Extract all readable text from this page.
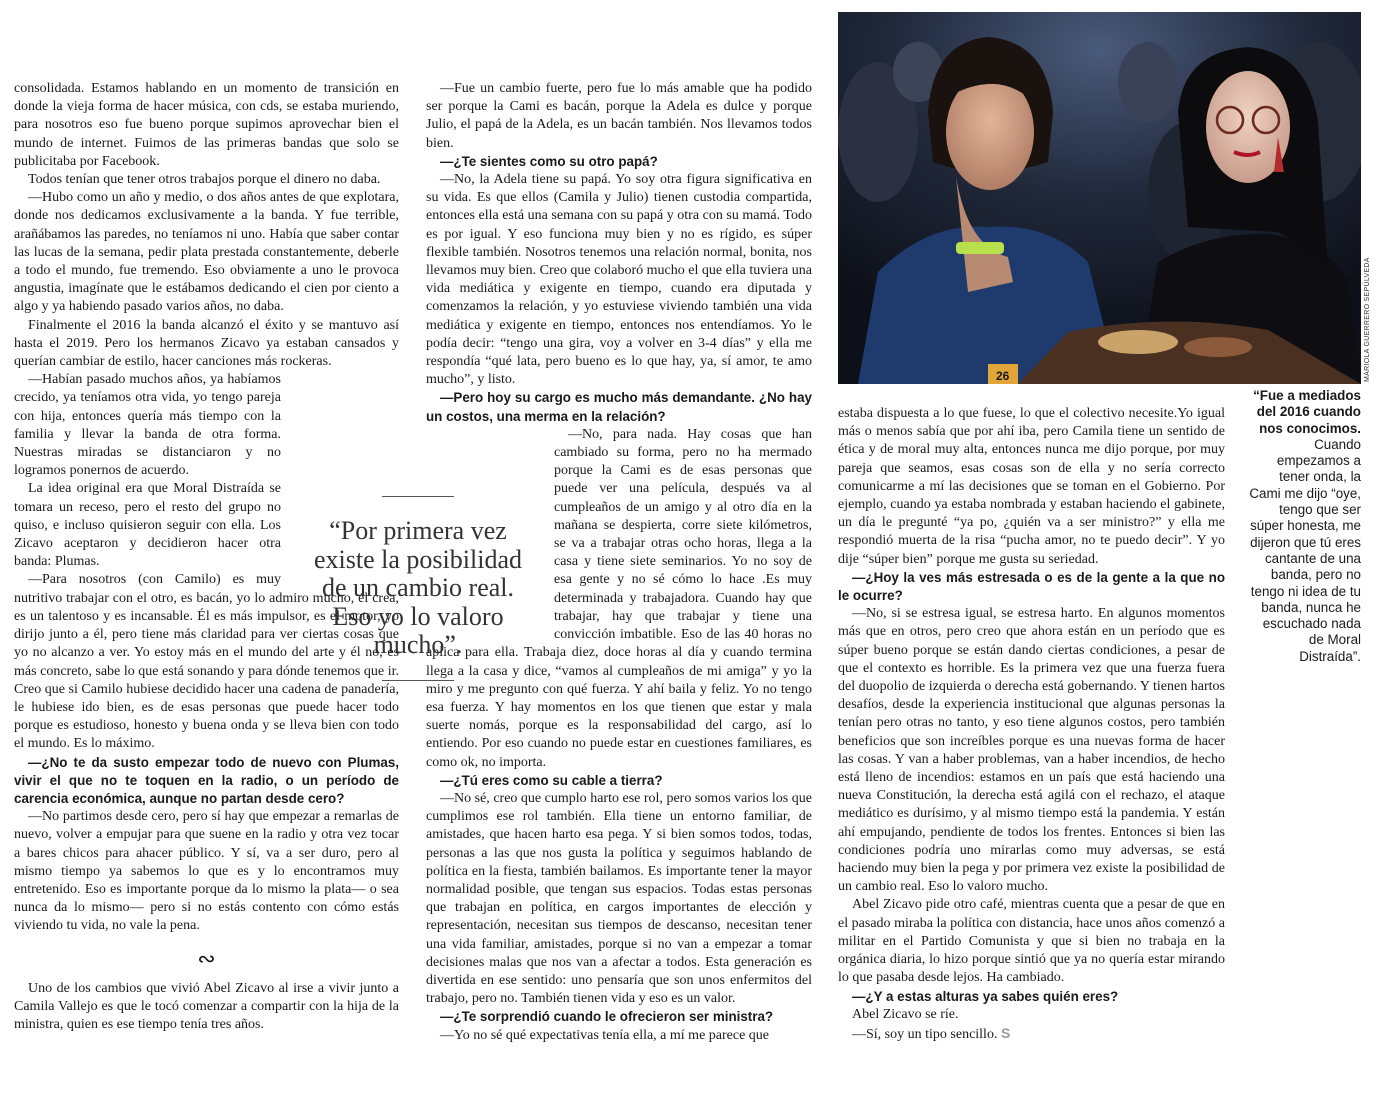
consolidada. Estamos hablando en un momento de transición en donde la vieja forma de hacer música, con cds, se estaba muriendo, para nosotros eso fue bueno porque supimos aprovechar bien el mundo de internet. Fuimos de las primeras bandas que solo se publicitaba por Facebook.

Todos tenían que tener otros trabajos porque el dinero no daba.

—Hubo como un año y medio, o dos años antes de que explotara, donde nos dedicamos exclusivamente a la banda. Y fue terrible, arañábamos las paredes, no teníamos ni uno. Había que saber contar las lucas de la semana, pedir plata prestada constantemente, deberle a todo el mundo, fue tremendo. Eso obviamente a uno le provoca angustia, imagínate que le estábamos dedicando el cien por ciento a algo y ya habiendo pasado varios años, no daba.

Finalmente el 2016 la banda alcanzó el éxito y se mantuvo así hasta el 2019. Pero los hermanos Zicavo ya estaban cansados y querían cambiar de estilo, hacer canciones más rockeras.

—Habían pasado muchos años, ya habíamos crecido, ya teníamos otra vida, yo tengo pareja con hija, entonces quería más tiempo con la familia y llevar la banda de otra forma. Nuestras miradas se distanciaron y no logramos ponernos de acuerdo.

La idea original era que Moral Distraída se tomara un receso, pero el resto del grupo no quiso, e incluso quisieron seguir con ella. Los Zicavo aceptaron y decidieron hacer otra banda: Plumas.

—Para nosotros (con Camilo) es muy nutritivo trabajar con el otro, es bacán, yo lo admiro mucho, él crea, es un talentoso y es incansable. Él es más impulsor, es el motor, yo dirijo junto a él, pero tiene más claridad para ver ciertas cosas que yo no alcanzo a ver. Yo estoy más en el mundo del arte y él no, es más concreto, sabe lo que está sonando y para dónde tenemos que ir. Creo que si Camilo hubiese decidido hacer una cadena de panadería, le hubiese ido bien, es de esas personas que puede hacer todo porque es estudioso, honesto y buena onda y se lleva bien con todo el mundo. Es lo máximo.

—¿No te da susto empezar todo de nuevo con Plumas, vivir el que no te toquen en la radio, o un período de carencia económica, aunque no partan desde cero?

—No partimos desde cero, pero sí hay que empezar a remarlas de nuevo, volver a empujar para que suene en la radio y otra vez tocar a bares chicos para ahacer público. Y sí, va a ser duro, pero al mismo tiempo ya sabemos lo que es y lo encontramos muy entretenido. Eso es importante porque da lo mismo la plata— o sea nunca da lo mismo— pero si no estás contento con cómo estás viviendo tu vida, no vale la pena.

∾

Uno de los cambios que vivió Abel Zicavo al irse a vivir junto a Camila Vallejo es que le tocó comenzar a compartir con la hija de la ministra, quien es ese tiempo tenía tres años.

—Fue un cambio fuerte, pero fue lo más amable que ha podido ser porque la Cami es bacán, porque la Adela es dulce y porque Julio, el papá de la Adela, es un bacán también. Nos llevamos todos bien.

—¿Te sientes como su otro papá?

—No, la Adela tiene su papá. Yo soy otra figura significativa en su vida. Es que ellos (Camila y Julio) tienen custodia compartida, entonces ella está una semana con su papá y otra con su mamá. Todo es por igual. Y eso funciona muy bien y no es rígido, es súper flexible también. Nosotros tenemos una relación normal, bonita, nos llevamos muy bien. Creo que colaboró mucho el que ella tuviera una vida mediática y exigente en tiempo, cuando era diputada y comenzamos la relación, y yo estuviese viviendo también una vida mediática y exigente en tiempo, entonces nos entendíamos. Yo le podía decir: “tengo una gira, voy a volver en 3-4 días” y ella me respondía “qué lata, pero bueno es lo que hay, ya, sí amor, te amo mucho”, y listo.

—Pero hoy su cargo es mucho más demandante. ¿No hay un costos, una merma en la relación?

—No, para nada. Hay cosas que han cambiado su forma, pero no ha mermado porque la Cami es de esas personas que puede ver una película, después va al cumpleaños de un amigo y al otro día en la mañana se despierta, corre siete kilómetros, se va a trabajar otras ocho horas, llega a la casa y tiene siete seminarios. Yo no soy de esa gente y no sé cómo lo hace .Es muy determinada y trabajadora. Cuando hay que trabajar, hay que trabajar y tiene una convicción imbatible. Eso de las 40 horas no aplica para ella. Trabaja diez, doce horas al día y cuando termina llega a la casa y dice, “vamos al cumpleaños de mi amiga” y yo la miro y me pregunto con qué fuerza. Y ahí baila y feliz. Yo no tengo esa fuerza. Y hay momentos en los que tienen que estar y mala suerte nomás, porque es la responsabilidad del cargo, así lo entiendo. Por eso cuando no puede estar en cuestiones familiares, es como ok, no importa.

—¿Tú eres como su cable a tierra?

—No sé, creo que cumplo harto ese rol, pero somos varios los que cumplimos ese rol también. Ella tiene un entorno familiar, de amistades, que hacen harto esa pega. Y si bien somos todos, todas, personas a las que nos gusta la política y seguimos hablando de política en la fiesta, también bailamos. Es importante tener la mayor normalidad posible, que tengan sus espacios. Todas estas personas que trabajan en política, en cargos importantes de elección y representación, necesitan sus tiempos de descanso, necesitan tener una vida familiar, amistades, porque si no van a empezar a tomar decisiones malas que nos van a afectar a todos. Esta generación es divertida en ese sentido: uno pensaría que son unos enfermitos del trabajo, pero no. También tienen vida y eso es un valor.

—¿Te sorprendió cuando le ofrecieron ser ministra?

—Yo no sé qué expectativas tenía ella, a mí me parece que

“Por primera vez existe la posibilidad de un cambio real. Eso yo lo valoro mucho”.
26	MARIOLA GUERRERO SEPÚLVEDA
“Fue a mediados del 2016 cuando nos conocimos. Cuando empezamos a tener onda, la Cami me dijo “oye, tengo que ser súper honesta, me dijeron que tú eres cantante de una banda, pero no tengo ni idea de tu banda, nunca he escuchado nada de Moral Distraída”.

estaba dispuesta a lo que fuese, lo que el colectivo necesite.Yo igual más o menos sabía que por ahí iba, pero Camila tiene un sentido de ética y de moral muy alta, entonces nunca me dijo porque, por muy pareja que seamos, esas cosas son de ella y no sería correcto comunicarme a mí las decisiones que se toman en el Gobierno. Por ejemplo, cuando ya estaba nombrada y estaban haciendo el gabinete, un día le pregunté “ya po, ¿quién va a ser ministro?” y ella me respondió muerta de la risa “pucha amor, no te puedo decir”. Y yo dije “súper bien” porque me gusta su seriedad.

—¿Hoy la ves más estresada o es de la gente a la que no le ocurre?

—No, si se estresa igual, se estresa harto. En algunos momentos más que en otros, pero creo que ahora están en un período que es súper bueno porque se están dando ciertas condiciones, a pesar de que el contexto es horrible. Es la primera vez que una fuerza fuera del duopolio de izquierda o derecha está gobernando. Y tienen hartos desafíos, desde la experiencia institucional que algunas personas la tenían pero otras no tanto, y eso tiene algunos costos, pero también beneficios que son increíbles porque es una nuevas forma de hacer las cosas. Y van a haber problemas, van a haber incendios, de hecho está lleno de incendios: estamos en un país que está haciendo una nueva Constitución, la derecha está agilá con el rechazo, el ataque mediático es durísimo, y al mismo tiempo está la pandemia. Y están ahí empujando, pendiente de todos los frentes. Entonces si bien las condiciones podría uno mirarlas como muy adversas, se está haciendo muy bien la pega y por primera vez existe la posibilidad de un cambio real. Eso lo valoro mucho.

Abel Zicavo pide otro café, mientras cuenta que a pesar de que en el pasado miraba la política con distancia, hace unos años comenzó a militar en el Partido Comunista y que si bien no trabaja en la orgánica diaria, lo hizo porque sintió que ya no quería estar mirando lo que pasaba desde lejos. Ha cambiado.

—¿Y a estas alturas ya sabes quién eres?

Abel Zicavo se ríe.

—Sí, soy un tipo sencillo. S
